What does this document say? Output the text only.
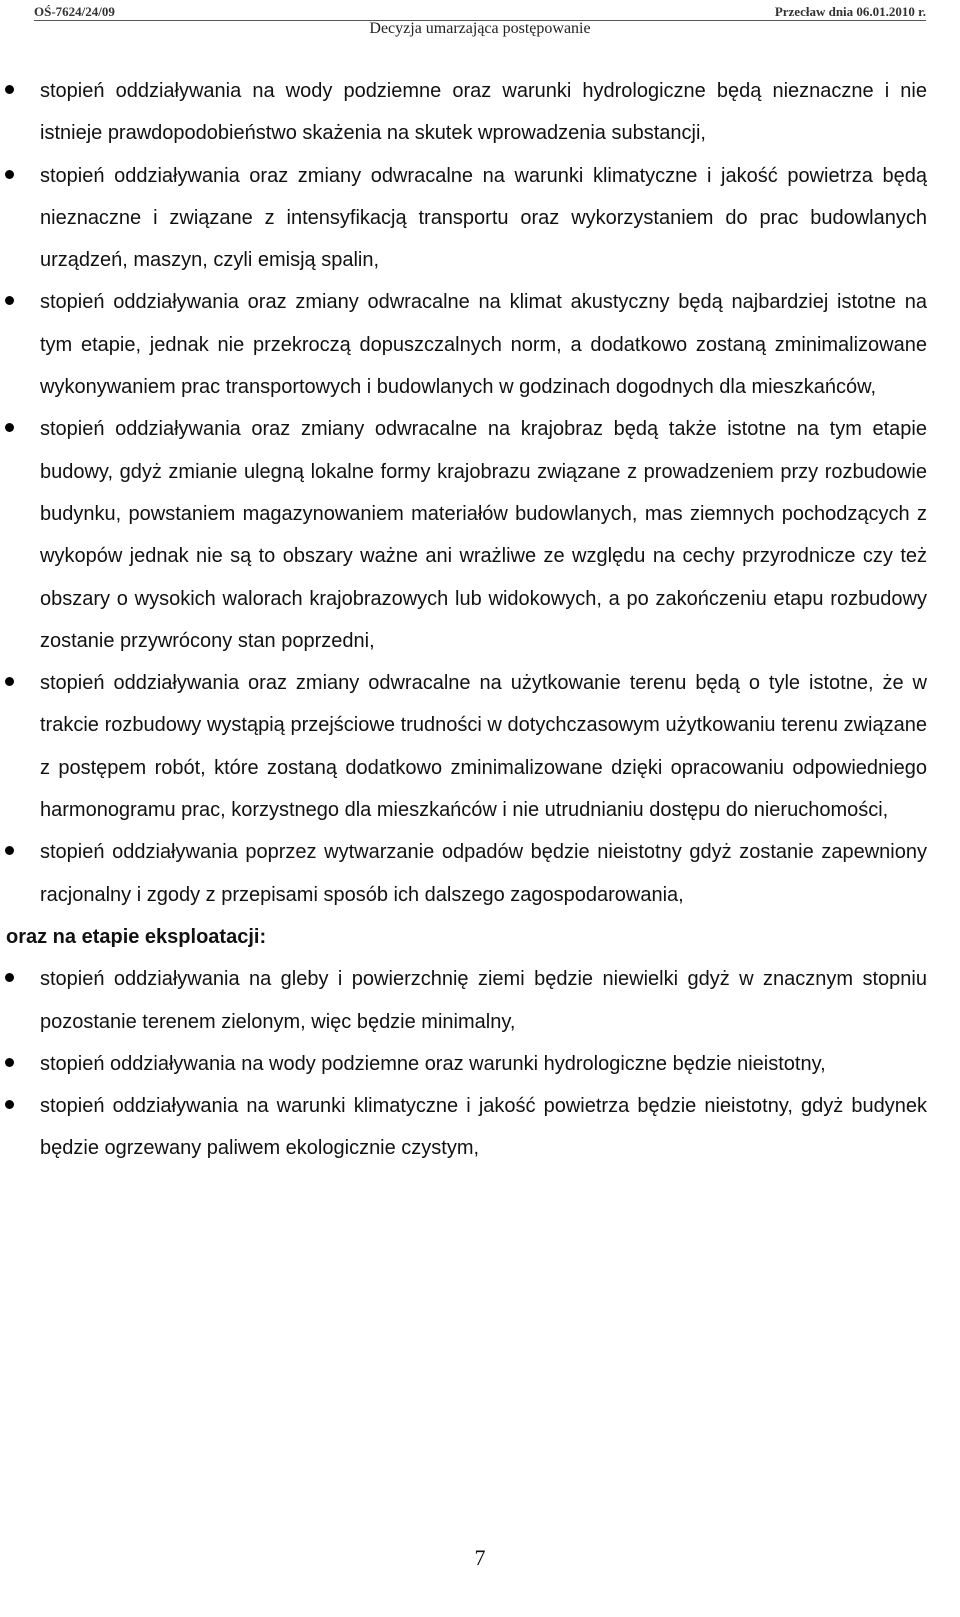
OŚ-7624/24/09	Przecław dnia 06.01.2010 r.
Decyzja umarzająca postępowanie
stopień oddziaływania na wody podziemne oraz warunki hydrologiczne będą nieznaczne i nie istnieje prawdopodobieństwo skażenia na skutek wprowadzenia substancji,
stopień oddziaływania oraz zmiany odwracalne na warunki klimatyczne i jakość powietrza będą nieznaczne i związane z intensyfikacją transportu oraz wykorzystaniem do prac budowlanych urządzeń, maszyn, czyli emisją spalin,
stopień oddziaływania oraz zmiany odwracalne na klimat akustyczny będą najbardziej istotne na tym etapie, jednak nie przekroczą dopuszczalnych norm, a dodatkowo zostaną zminimalizowane wykonywaniem prac transportowych i budowlanych w godzinach dogodnych dla mieszkańców,
stopień oddziaływania oraz zmiany odwracalne na krajobraz będą także istotne na tym etapie budowy, gdyż zmianie ulegną lokalne formy krajobrazu związane z prowadzeniem przy rozbudowie budynku, powstaniem magazynowaniem materiałów budowlanych, mas ziemnych pochodzących z wykopów jednak nie są to obszary ważne ani wrażliwe ze względu na cechy przyrodnicze czy też obszary o wysokich walorach krajobrazowych lub widokowych, a po zakończeniu etapu rozbudowy zostanie przywrócony stan poprzedni,
stopień oddziaływania oraz zmiany odwracalne na użytkowanie terenu będą o tyle istotne, że w trakcie rozbudowy wystąpią przejściowe trudności w dotychczasowym użytkowaniu terenu związane z postępem robót, które zostaną dodatkowo zminimalizowane dzięki opracowaniu odpowiedniego harmonogramu prac, korzystnego dla mieszkańców i nie utrudnianiu dostępu do nieruchomości,
stopień oddziaływania poprzez wytwarzanie odpadów będzie nieistotny gdyż zostanie zapewniony racjonalny i zgody z przepisami sposób ich dalszego zagospodarowania,
oraz na etapie eksploatacji:
stopień oddziaływania na gleby i powierzchnię ziemi będzie niewielki gdyż w znacznym stopniu pozostanie terenem zielonym, więc będzie minimalny,
stopień oddziaływania na wody podziemne oraz warunki hydrologiczne będzie nieistotny,
stopień oddziaływania na warunki klimatyczne i jakość powietrza będzie nieistotny, gdyż budynek będzie ogrzewany paliwem ekologicznie czystym,
7
